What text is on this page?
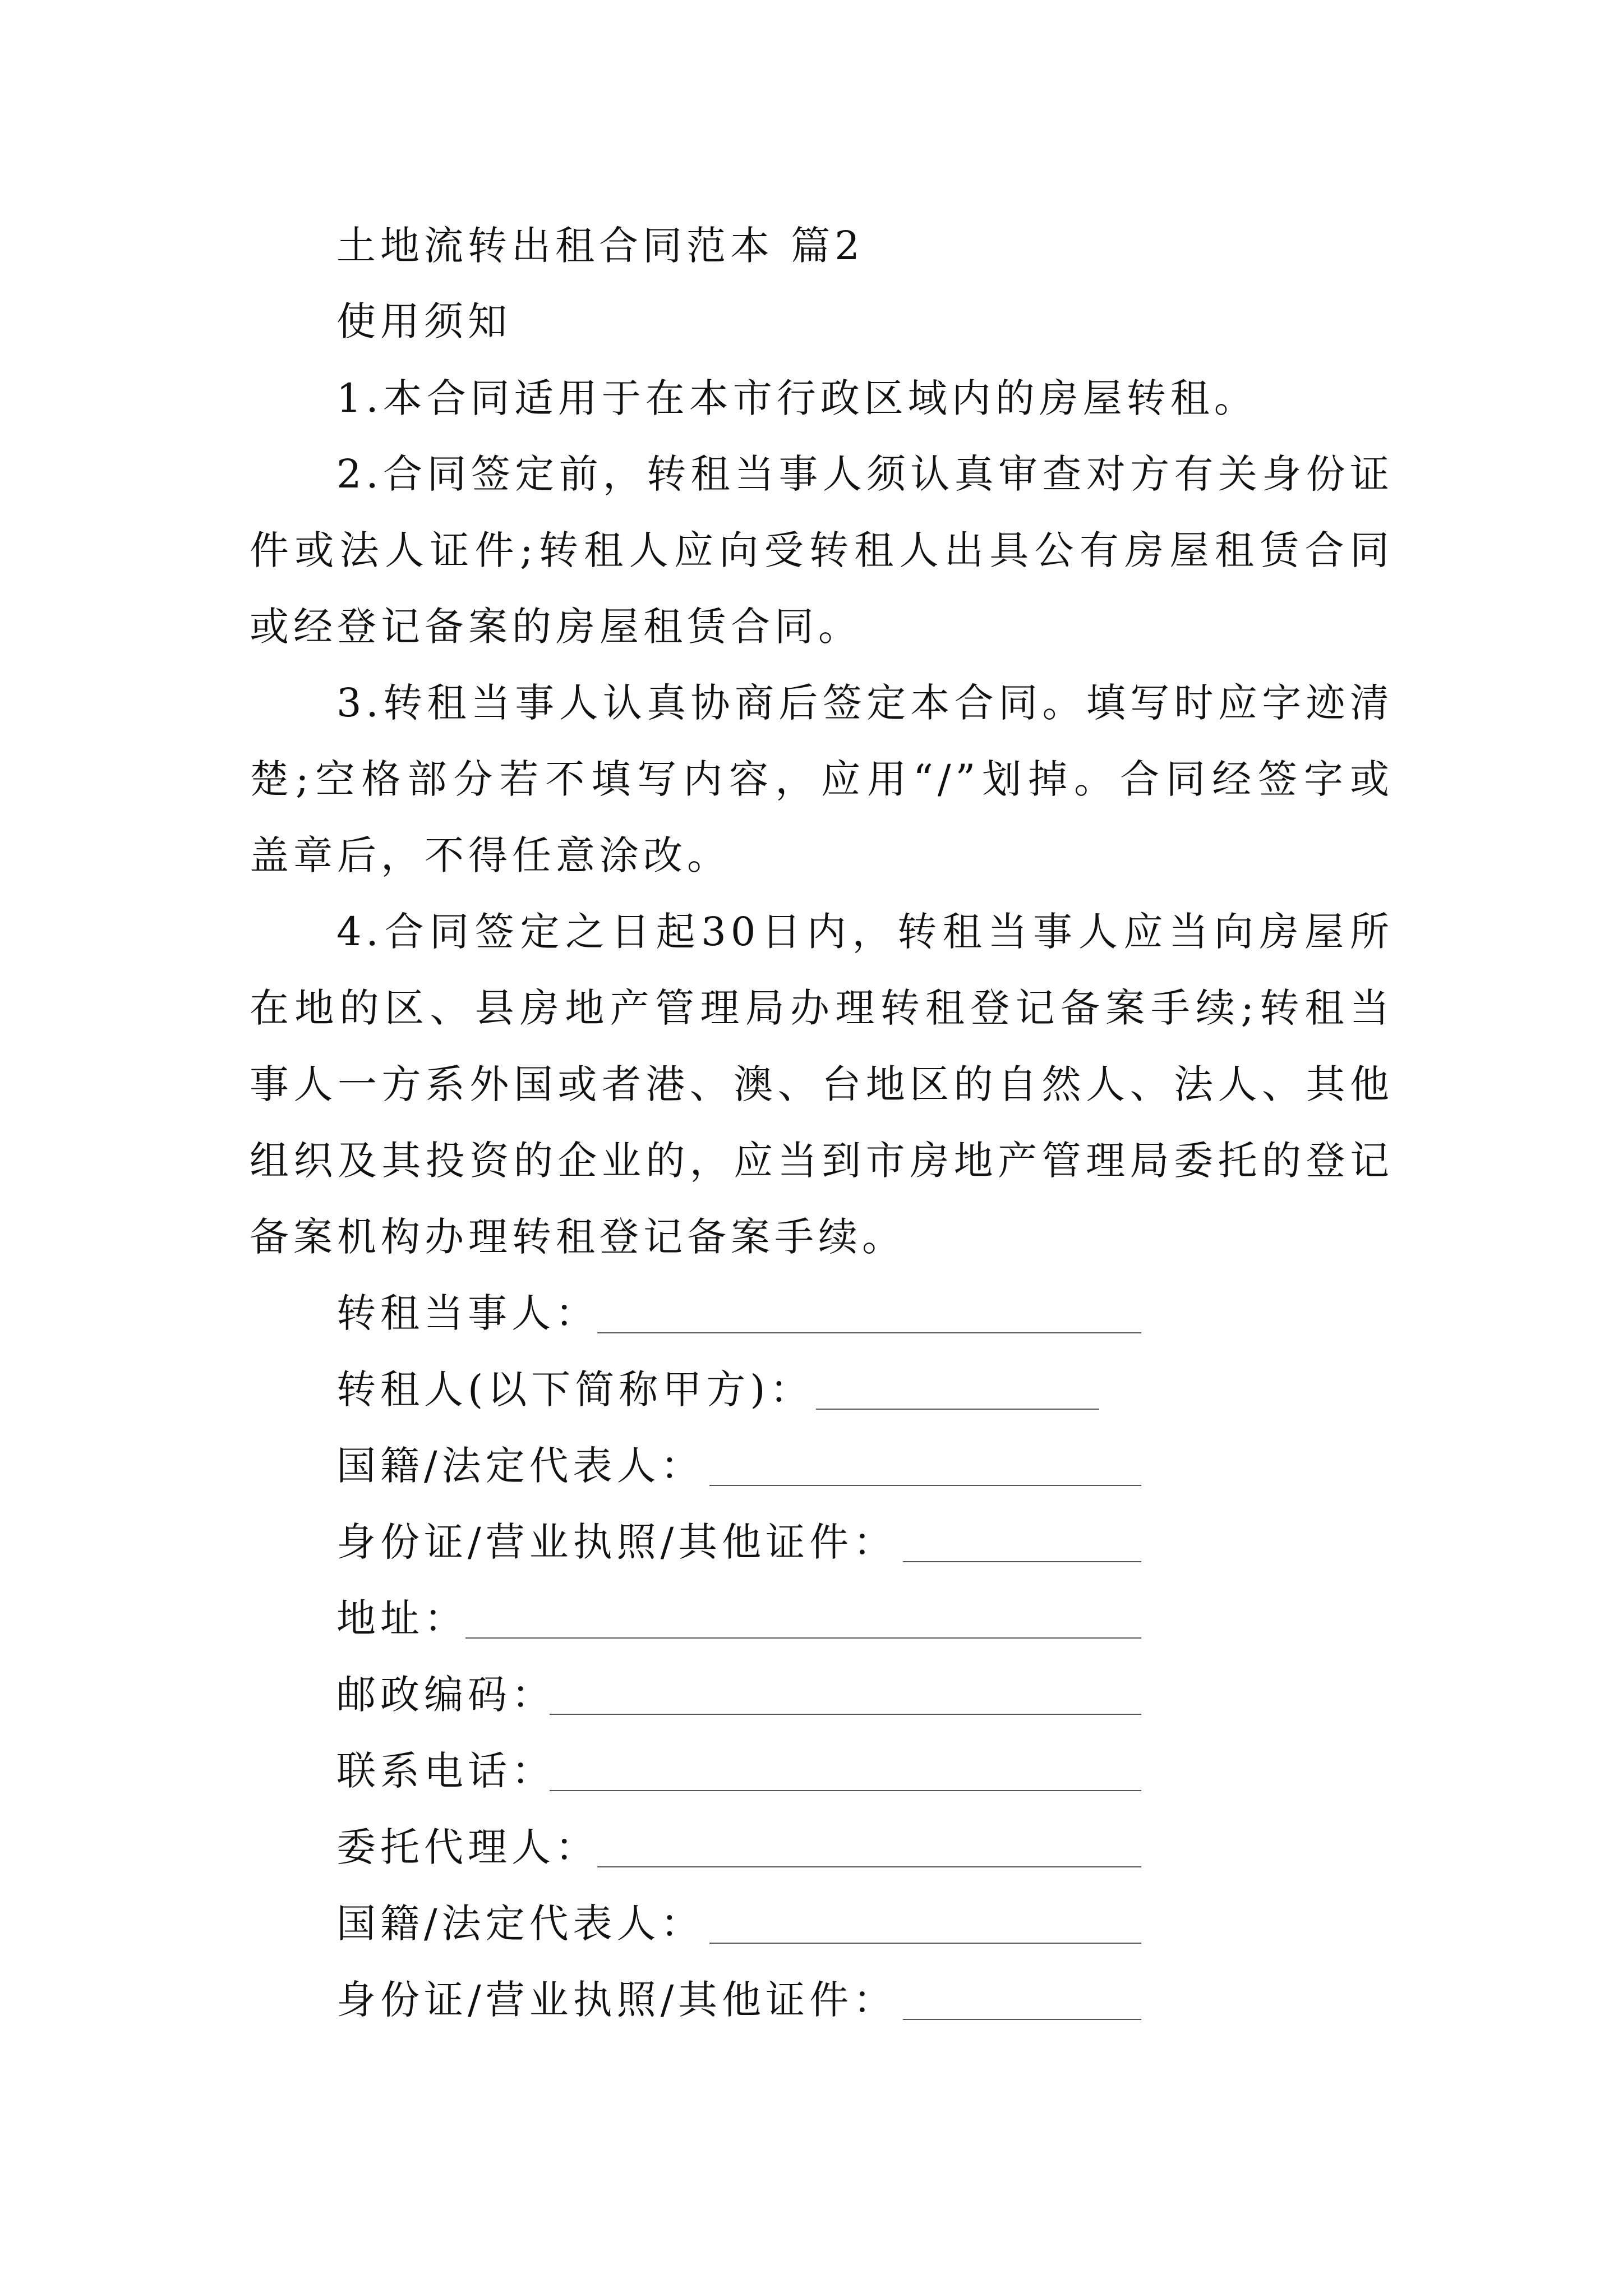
土地流转出租合同范本 篇2
使用须知
1.本合同适用于在本市行政区域内的房屋转租。
2.合同签定前，转租当事人须认真审查对方有关身份证
件或法人证件;转租人应向受转租人出具公有房屋租赁合同
或经登记备案的房屋租赁合同。
3.转租当事人认真协商后签定本合同。填写时应字迹清
楚;空格部分若不填写内容，应用“/”划掉。合同经签字或
盖章后，不得任意涂改。
4.合同签定之日起30日内，转租当事人应当向房屋所
在地的区、县房地产管理局办理转租登记备案手续;转租当
事人一方系外国或者港、澳、台地区的自然人、法人、其他
组织及其投资的企业的，应当到市房地产管理局委托的登记
备案机构办理转租登记备案手续。
转租当事人：
转租人(以下简称甲方)：
国籍/法定代表人：
身份证/营业执照/其他证件：
地址：
邮政编码：
联系电话：
委托代理人：
国籍/法定代表人：
身份证/营业执照/其他证件：
